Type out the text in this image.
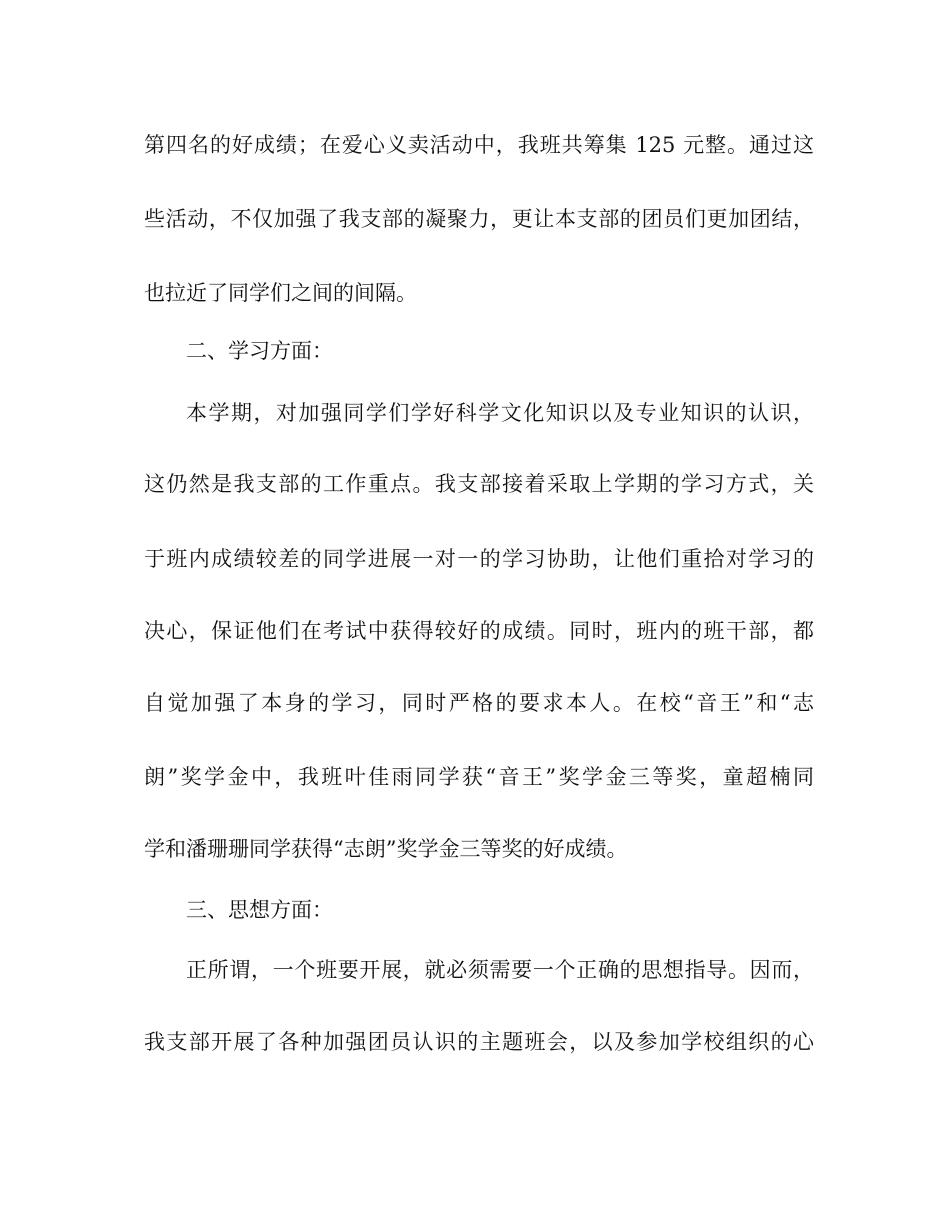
第四名的好成绩；在爱心义卖活动中，我班共筹集 125 元整。通过这
些活动，不仅加强了我支部的凝聚力，更让本支部的团员们更加团结，
也拉近了同学们之间的间隔。
二、学习方面：
本学期，对加强同学们学好科学文化知识以及专业知识的认识，
这仍然是我支部的工作重点。我支部接着采取上学期的学习方式，关
于班内成绩较差的同学进展一对一的学习协助，让他们重拾对学习的
决心，保证他们在考试中获得较好的成绩。同时，班内的班干部，都
自觉加强了本身的学习，同时严格的要求本人。在校“音王”和“志
朗”奖学金中，我班叶佳雨同学获“音王”奖学金三等奖，童超楠同
学和潘珊珊同学获得“志朗”奖学金三等奖的好成绩。
三、思想方面：
正所谓，一个班要开展，就必须需要一个正确的思想指导。因而，
我支部开展了各种加强团员认识的主题班会，以及参加学校组织的心
